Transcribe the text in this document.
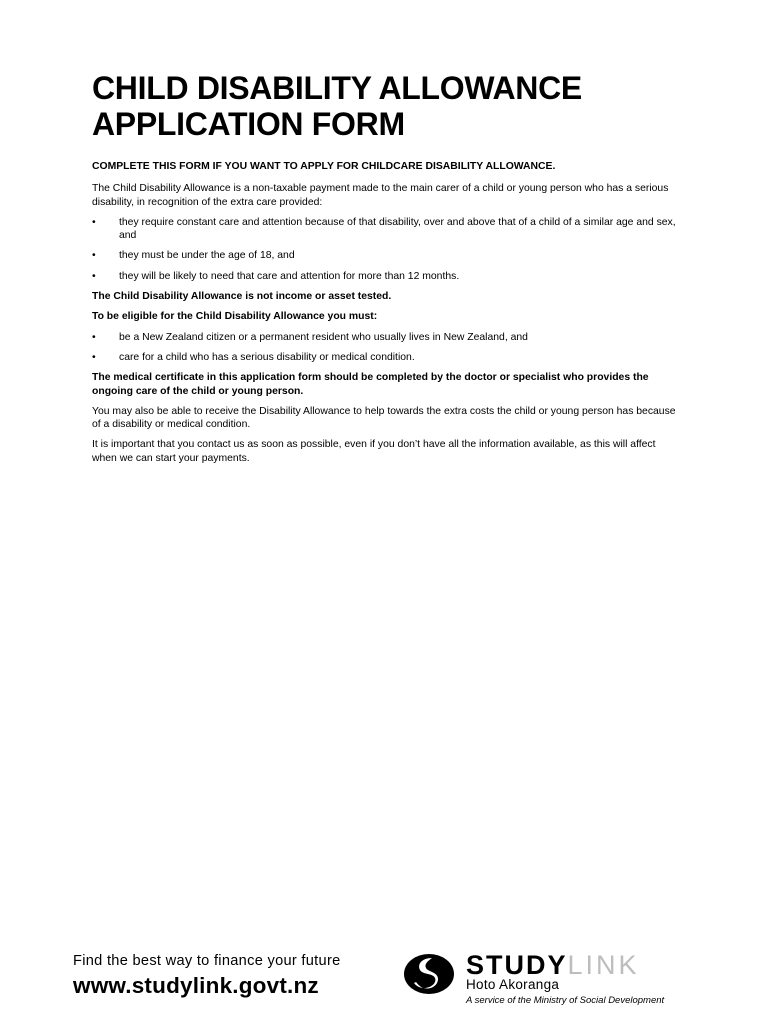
CHILD DISABILITY ALLOWANCE
APPLICATION FORM

COMPLETE THIS FORM IF YOU WANT TO APPLY FOR CHILDCARE DISABILITY ALLOWANCE.

The Child Disability Allowance is a non-taxable payment made to the main carer of a child or young person who has a serious disability, in recognition of the extra care provided:

•	they require constant care and attention because of that disability, over and above that of a child of a similar age and sex, and
•	they must be under the age of 18, and
•	they will be likely to need that care and attention for more than 12 months.

The Child Disability Allowance is not income or asset tested.

To be eligible for the Child Disability Allowance you must:

•	be a New Zealand citizen or a permanent resident who usually lives in New Zealand, and
•	care for a child who has a serious disability or medical condition.

The medical certificate in this application form should be completed by the doctor or specialist who provides the ongoing care of the child or young person.

You may also be able to receive the Disability Allowance to help towards the extra costs the child or young person has because of a disability or medical condition.

It is important that you contact us as soon as possible, even if you don’t have all the information available, as this will affect when we can start your payments.

Find the best way to finance your future
www.studylink.govt.nz
STUDYLINK
Hoto Akoranga
A service of the Ministry of Social Development
